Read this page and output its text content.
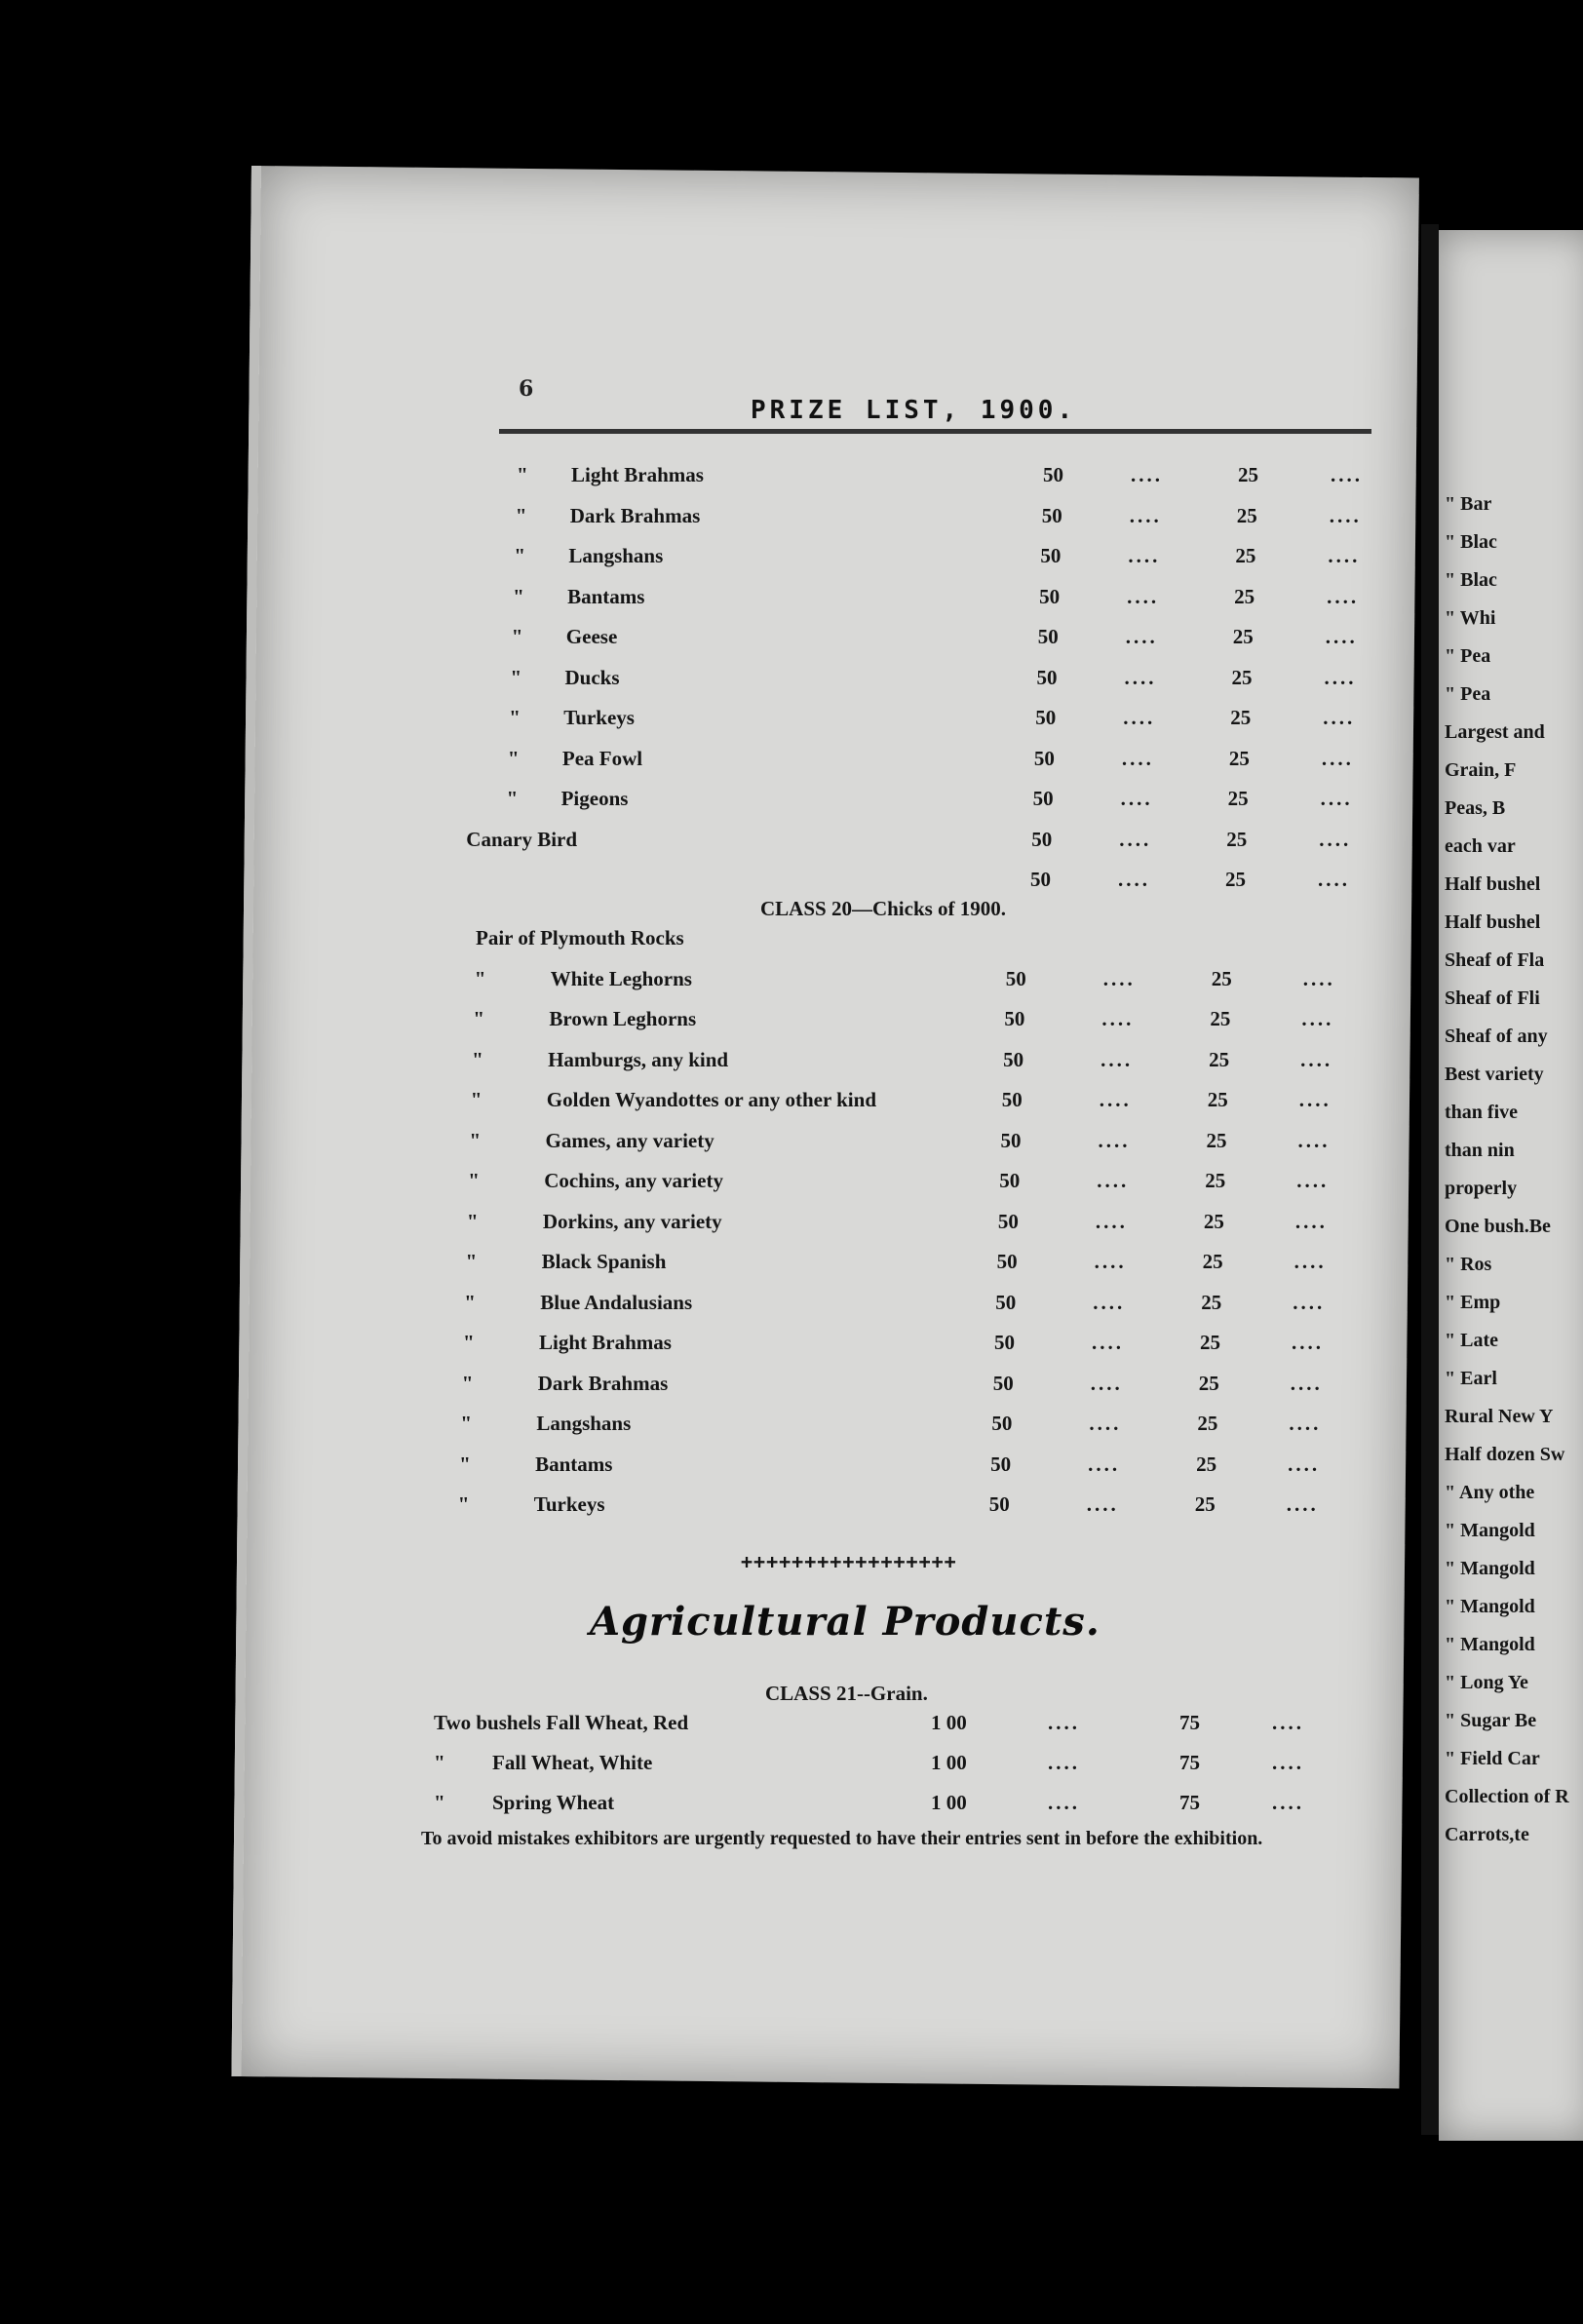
" Bar
" Blac
" Blac
" Whi
" Pea
" Pea
Largest and
Grain, F
Peas, B
each var
Half bushel
Half bushel
Sheaf of Fla
Sheaf of Fli
Sheaf of any
Best variety
than five
than nin
properly
One bush.Be
" Ros
" Emp
" Late
" Earl
Rural New Y
Half dozen Sw
" Any othe
" Mangold
" Mangold
" Mangold
" Mangold
" Long Ye
" Sugar Be
" Field Car
Collection of R
Carrots,te
6
PRIZE LIST, 1900.
" Light Brahmas	50	....	25	....
" Dark Brahmas	50	....	25	....
" Langshans	50	....	25	....
" Bantams	50	....	25	....
" Geese	50	....	25	....
" Ducks	50	....	25	....
" Turkeys	50	....	25	....
" Pea Fowl	50	....	25	....
" Pigeons	50	....	25	....
Canary Bird	50	....	25	....
50	....	25	....
CLASS 20—Chicks of 1900.
Pair of Plymouth Rocks
"	White Leghorns	50	....	25	....
"	Brown Leghorns	50	....	25	....
"	Hamburgs, any kind	50	....	25	....
"	Golden Wyandottes or any other kind	50	....	25	....
"	Games, any variety	50	....	25	....
"	Cochins, any variety	50	....	25	....
"	Dorkins, any variety	50	....	25	....
"	Black Spanish	50	....	25	....
"	Blue Andalusians	50	....	25	....
"	Light Brahmas	50	....	25	....
"	Dark Brahmas	50	....	25	....
"	Langshans	50	....	25	....
"	Bantams	50	....	25	....
"	Turkeys	50	....	25	....
+++++++++++++++++
Agricultural Products.
CLASS 21--Grain.
Two bushels Fall Wheat, Red	1 00	....	75	....
" Fall Wheat, White	1 00	....	75	....
" Spring Wheat	1 00	....	75	....
To avoid mistakes exhibitors are urgently requested to have their entries sent in before the exhibition.
